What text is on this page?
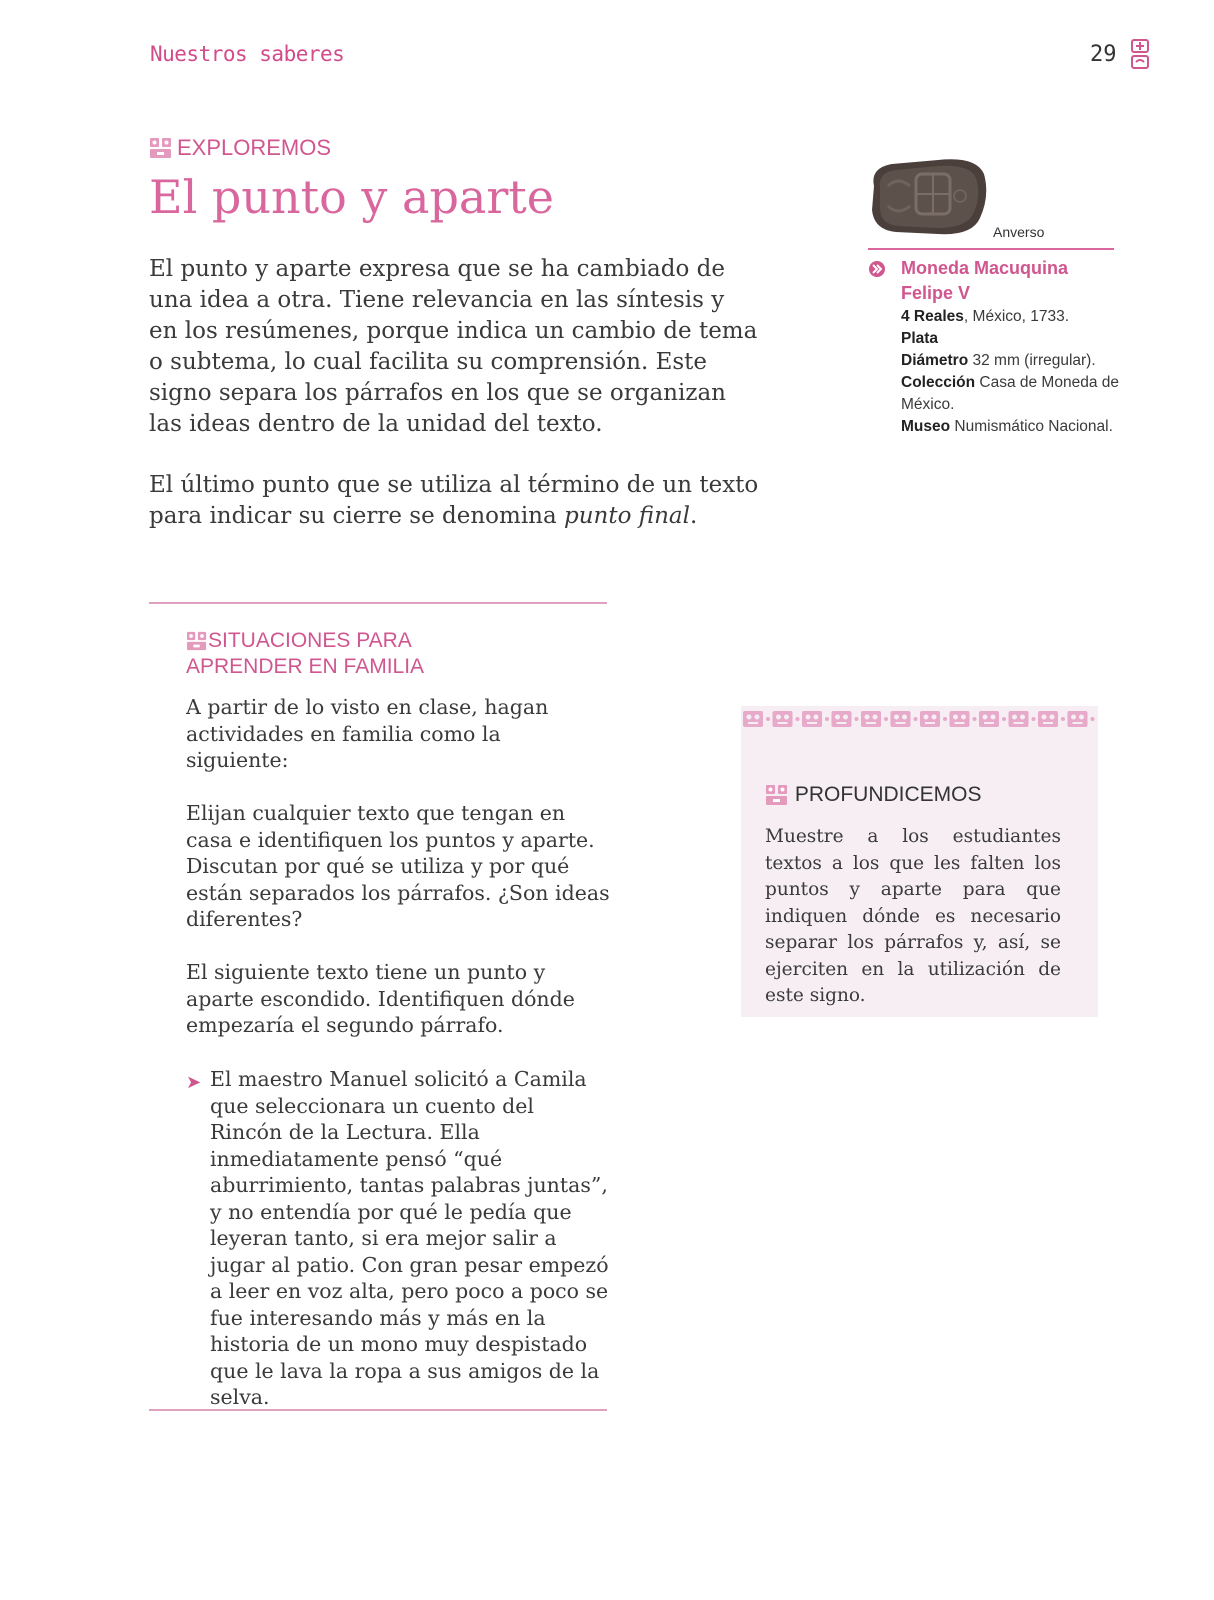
Nuestros saberes	29
EXPLOREMOS
El punto y aparte

El punto y aparte expresa que se ha cambiado de una idea a otra. Tiene relevancia en las síntesis y en los resúmenes, porque indica un cambio de tema o subtema, lo cual facilita su comprensión. Este signo separa los párrafos en los que se organizan las ideas dentro de la unidad del texto.

El último punto que se utiliza al término de un texto para indicar su cierre se denomina punto final.

Anverso
Moneda Macuquina
Felipe V
4 Reales, México, 1733.
Plata
Diámetro 32 mm (irregular).
Colección Casa de Moneda de México.
Museo Numismático Nacional.
SITUACIONES PARA
APRENDER EN FAMILIA

A partir de lo visto en clase, hagan actividades en familia como la siguiente:

Elijan cualquier texto que tengan en casa e identifiquen los puntos y aparte. Discutan por qué se utiliza y por qué están separados los párrafos. ¿Son ideas diferentes?

El siguiente texto tiene un punto y aparte escondido. Identifiquen dónde empezaría el segundo párrafo.

➤ El maestro Manuel solicitó a Camila que seleccionara un cuento del Rincón de la Lectura. Ella inmediatamente pensó “qué aburrimiento, tantas palabras juntas”, y no entendía por qué le pedía que leyeran tanto, si era mejor salir a jugar al patio. Con gran pesar empezó a leer en voz alta, pero poco a poco se fue interesando más y más en la historia de un mono muy despistado que le lava la ropa a sus amigos de la selva.

PROFUNDICEMOS
Muestre a los estudiantes textos a los que les falten los puntos y aparte para que indiquen dónde es necesario separar los párrafos y, así, se ejerciten en la utilización de este signo.
